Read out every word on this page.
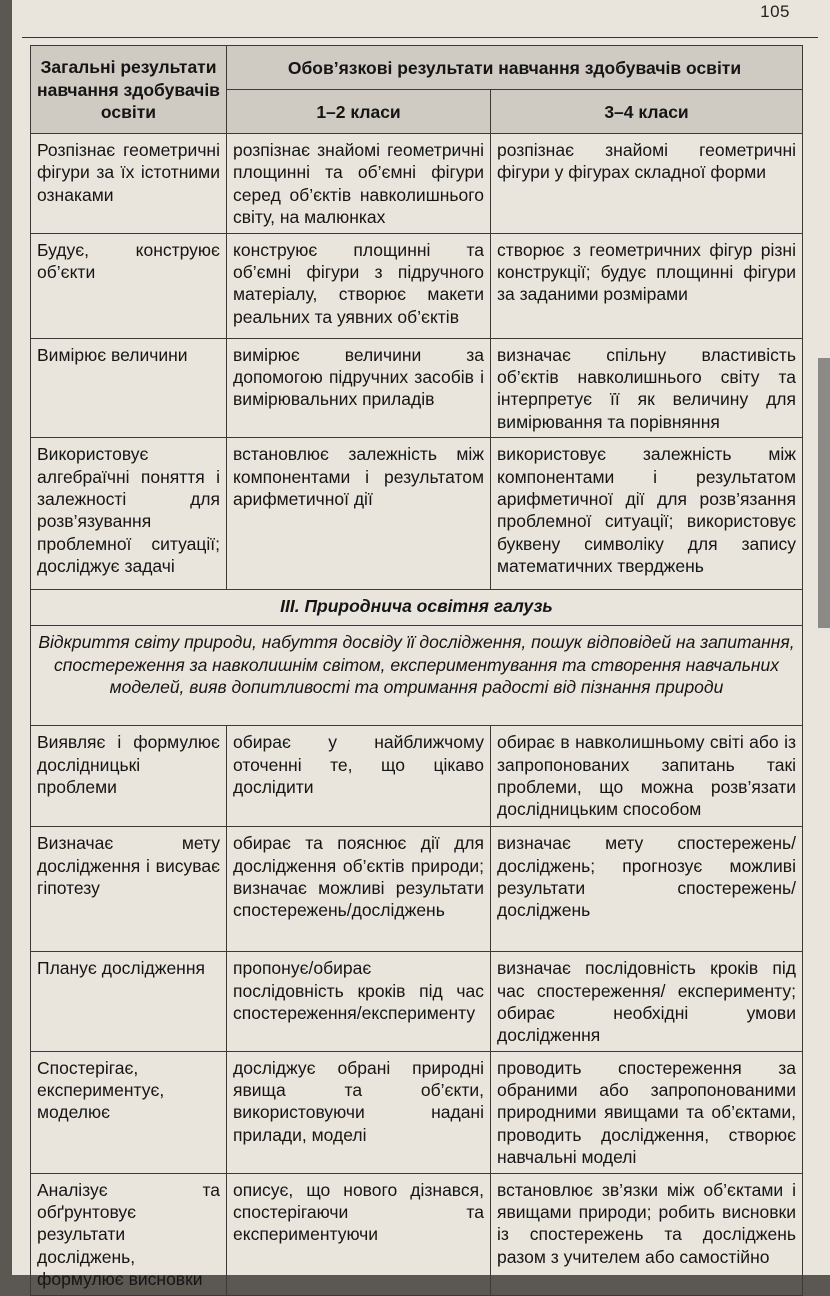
105
Загальні результати навчання здобувачів освіти	Обов’язкові результати навчання здобувачів освіти	
	1–2 класи	3–4 класи
Розпізнає геометричні фігури за їх істотними ознаками	розпізнає знайомі геометричні площинні та об’ємні фігури серед об’єктів навколишнього світу, на малюнках	розпізнає знайомі геометричні фігури у фігурах складної форми
Будує, конструює об’єкти	конструює площинні та об’ємні фігури з підручного матеріалу, створює макети реальних та уявних об’єктів	створює з геометричних фігур різні конструкції; будує площинні фігури за заданими розмірами
Вимірює величини	вимірює величини за допомогою підручних засобів і вимірювальних приладів	визначає спільну властивість об’єктів навколишнього світу та інтерпретує її як величину для вимірювання та порівняння
Використовує алгебраїчні поняття і залежності для розв’язування проблемної ситуації; досліджує задачі	встановлює залежність між компонентами і результатом арифметичної дії	використовує залежність між компонентами і результатом арифметичної дії для розв’язання проблемної ситуації; використовує буквену символіку для запису математичних тверджень
III. Природнича освітня галузь		
Відкриття світу природи, набуття досвіду її дослідження, пошук відповідей на запитання, спостереження за навколишнім світом, експериментування та створення навчальних моделей, вияв допитливості та отримання радості від пізнання природи		
Виявляє і формулює дослідницькі проблеми	обирає у найближчому оточенні те, що цікаво дослідити	обирає в навколишньому світі або із запропонованих запитань такі проблеми, що можна розв’язати дослідницьким способом
Визначає мету дослідження і висуває гіпотезу	обирає та пояснює дії для дослідження об’єктів природи; визначає можливі результати спостережень/досліджень	визначає мету спостережень/досліджень; прогнозує можливі результати спостережень/досліджень
Планує дослідження	пропонує/обирає послідовність кроків під час спостереження/експерименту	визначає послідовність кроків під час спостереження/ експерименту; обирає необхідні умови дослідження
Спостерігає, експериментує, моделює	досліджує обрані природні явища та об’єкти, використовуючи надані прилади, моделі	проводить спостереження за обраними або запропонованими природними явищами та об’єктами, проводить дослідження, створює навчальні моделі
Аналізує та обґрунтовує результати досліджень, формулює висновки	описує, що нового дізнався, спостерігаючи та експериментуючи	встановлює зв’язки між об’єктами і явищами природи; робить висновки із спостережень та досліджень разом з учителем або самостійно
